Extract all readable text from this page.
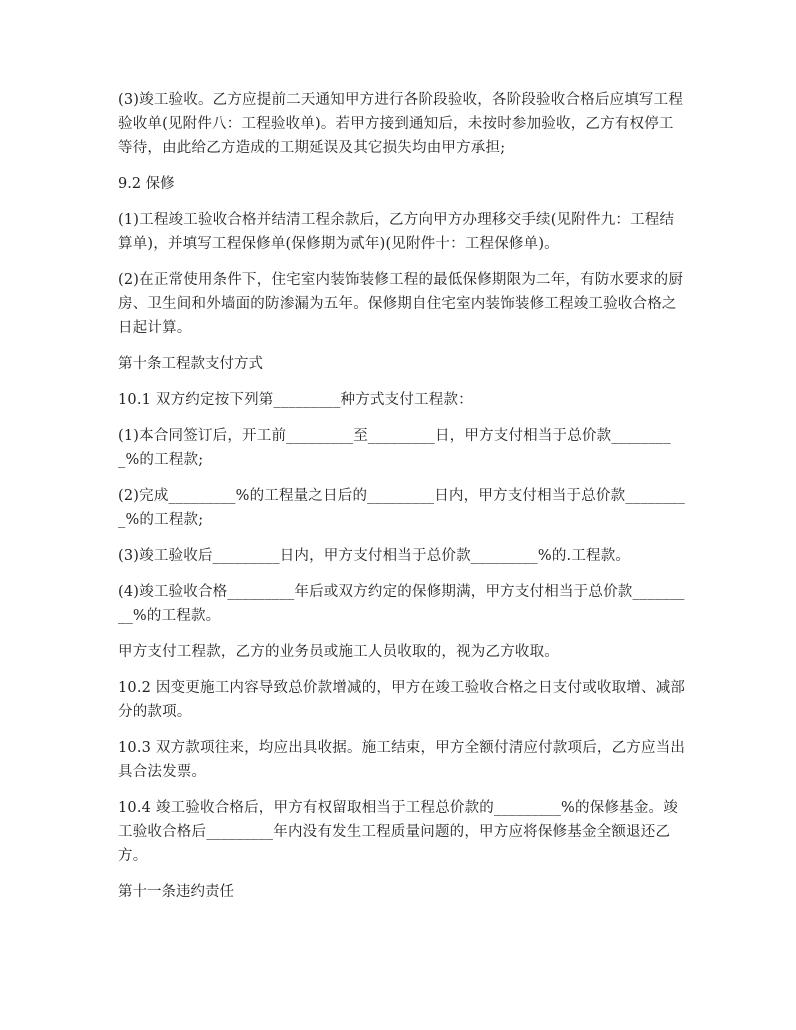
(3)竣工验收。乙方应提前二天通知甲方进行各阶段验收，各阶段验收合格后应填写工程验收单(见附件八：工程验收单)。若甲方接到通知后，未按时参加验收，乙方有权停工等待，由此给乙方造成的工期延误及其它损失均由甲方承担;

9.2 保修

(1)工程竣工验收合格并结清工程余款后，乙方向甲方办理移交手续(见附件九：工程结算单)，并填写工程保修单(保修期为贰年)(见附件十：工程保修单)。

(2)在正常使用条件下，住宅室内装饰装修工程的最低保修期限为二年，有防水要求的厨房、卫生间和外墙面的防渗漏为五年。保修期自住宅室内装饰装修工程竣工验收合格之日起计算。

第十条工程款支付方式

10.1 双方约定按下列第_________种方式支付工程款：

(1)本合同签订后，开工前_________至_________日，甲方支付相当于总价款_________%的工程款;

(2)完成_________%的工程量之日后的_________日内，甲方支付相当于总价款_________%的工程款;

(3)竣工验收后_________日内，甲方支付相当于总价款_________%的.工程款。

(4)竣工验收合格_________年后或双方约定的保修期满，甲方支付相当于总价款_________%的工程款。

甲方支付工程款，乙方的业务员或施工人员收取的，视为乙方收取。

10.2 因变更施工内容导致总价款增减的，甲方在竣工验收合格之日支付或收取增、减部分的款项。

10.3 双方款项往来，均应出具收据。施工结束，甲方全额付清应付款项后，乙方应当出具合法发票。

10.4 竣工验收合格后，甲方有权留取相当于工程总价款的_________%的保修基金。竣工验收合格后_________年内没有发生工程质量问题的，甲方应将保修基金全额退还乙方。

第十一条违约责任
